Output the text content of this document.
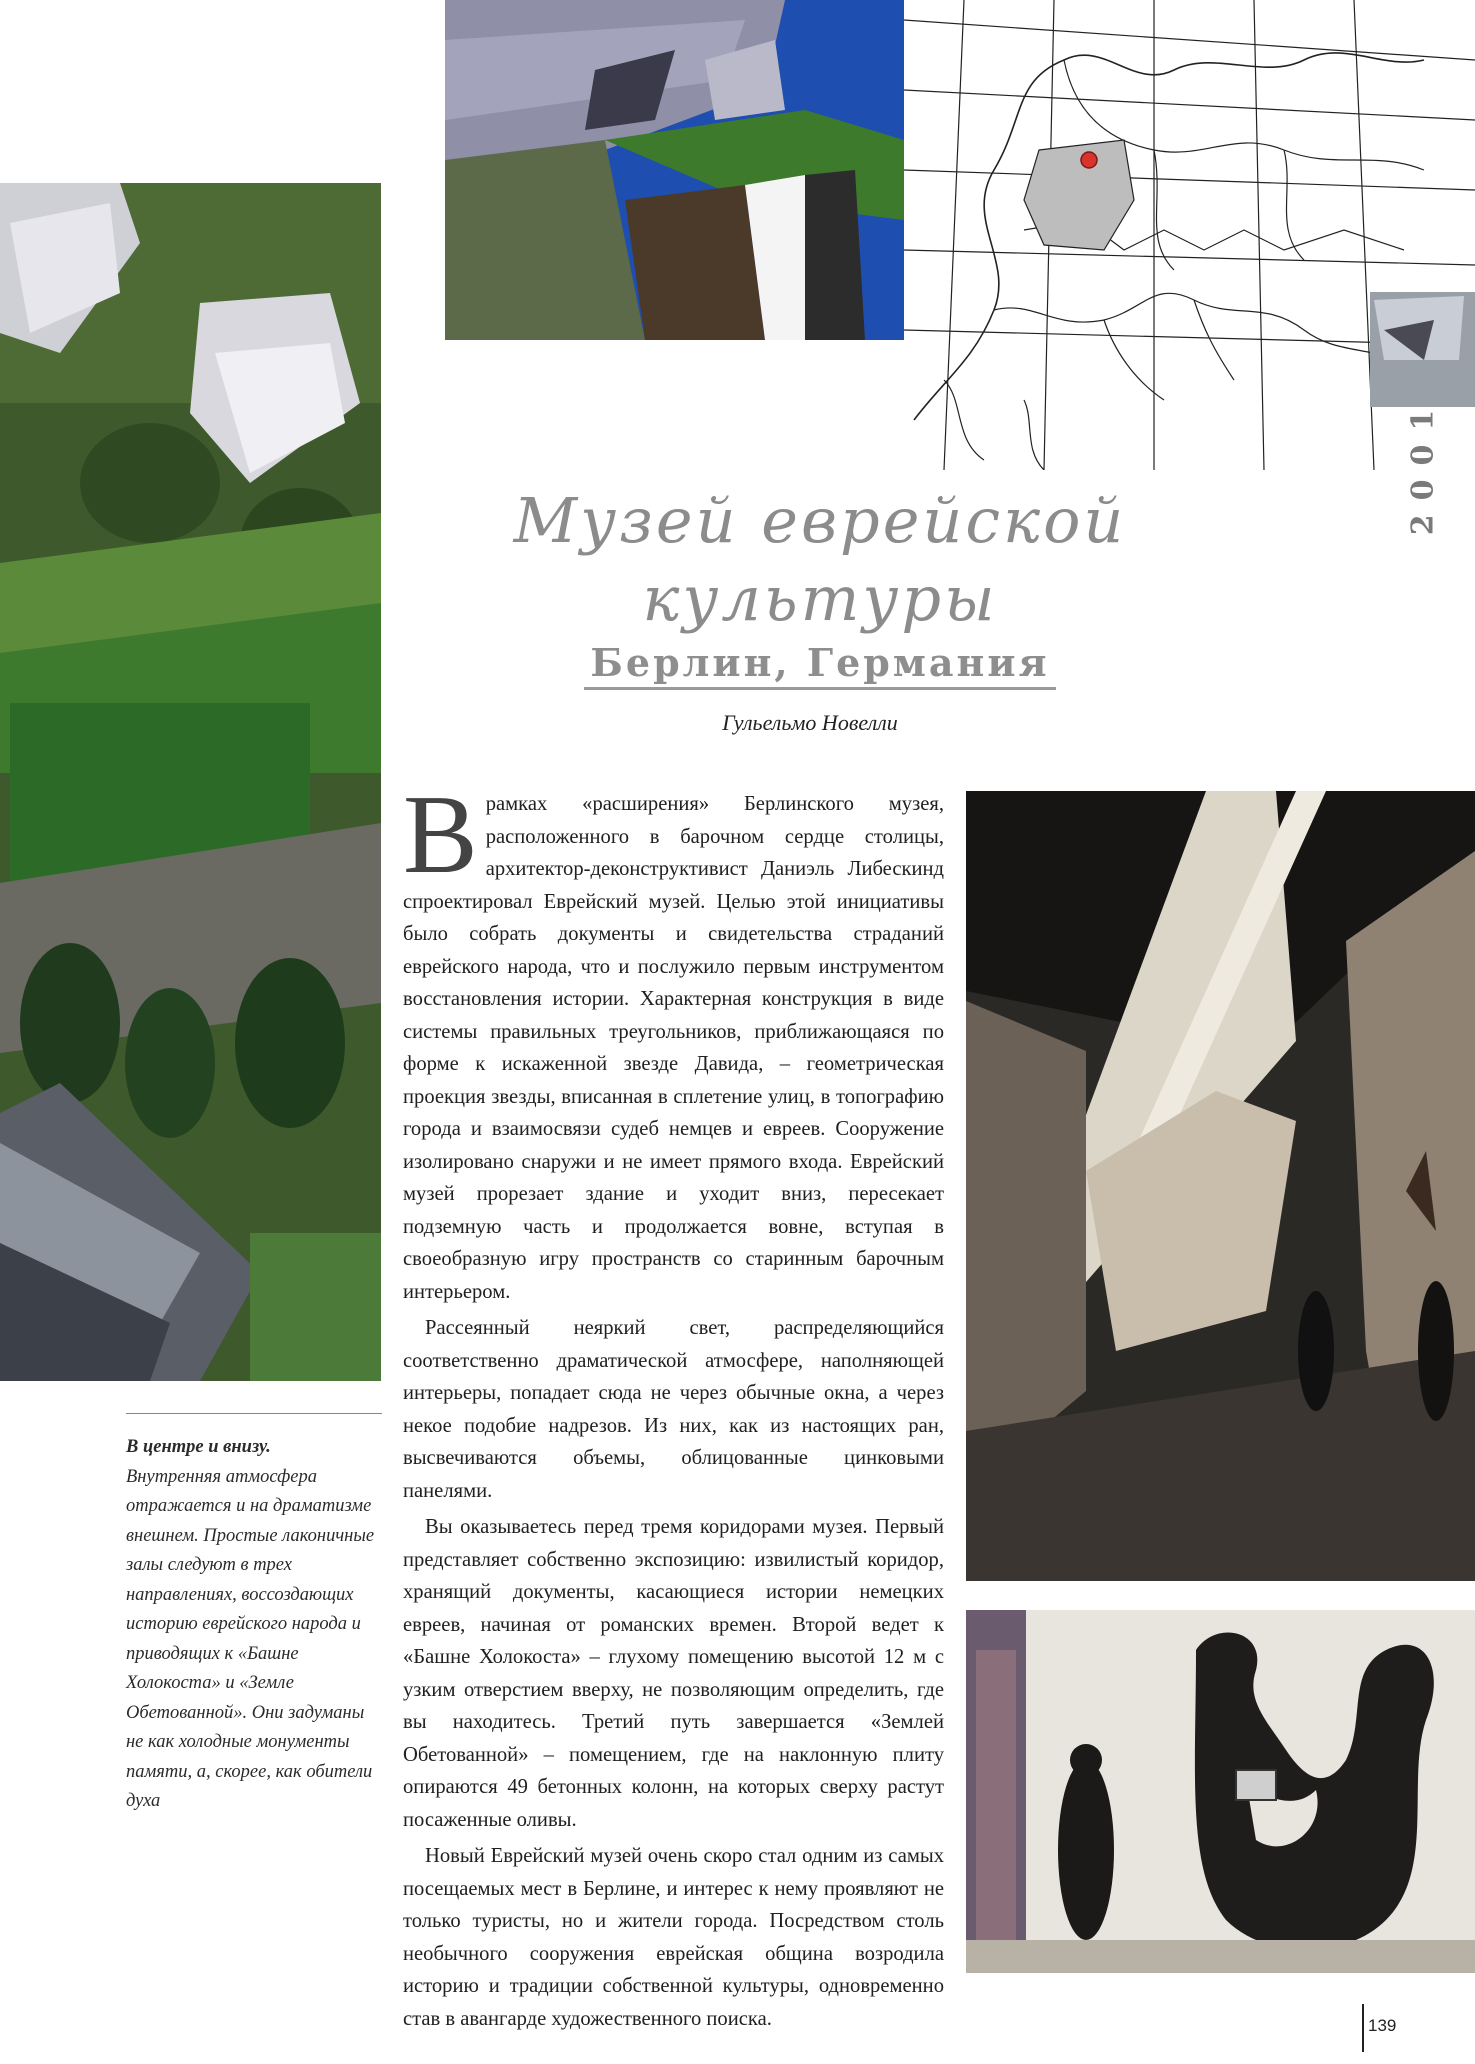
2001
Музей еврейской
культуры
Берлин, Германия
Гульельмо Новелли

Врамках «расширения» Берлинского музея, расположенного в барочном сердце столицы, архитектор-деконструктивист Даниэль Либескинд спроектировал Еврейский музей. Целью этой инициативы было собрать документы и свидетельства страданий еврейского народа, что и послужило первым инструментом восстановления истории. Характерная конструкция в виде системы правильных треугольников, приближающаяся по форме к искаженной звезде Давида, – геометрическая проекция звезды, вписанная в сплетение улиц, в топографию города и взаимосвязи судеб немцев и евреев. Сооружение изолировано снаружи и не имеет прямого входа. Еврейский музей прорезает здание и уходит вниз, пересекает подземную часть и продолжается вовне, вступая в своеобразную игру пространств со старинным барочным интерьером.

Рассеянный неяркий свет, распределяющийся соответственно драматической атмосфере, наполняющей интерьеры, попадает сюда не через обычные окна, а через некое подобие надрезов. Из них, как из настоящих ран, высвечиваются объемы, облицованные цинковыми панелями.

Вы оказываетесь перед тремя коридорами музея. Первый представляет собственно экспозицию: извилистый коридор, хранящий документы, касающиеся истории немецких евреев, начиная от романских времен. Второй ведет к «Башне Холокоста» – глухому помещению высотой 12 м с узким отверстием вверху, не позволяющим определить, где вы находитесь. Третий путь завершается «Землей Обетованной» – помещением, где на наклонную плиту опираются 49 бетонных колонн, на которых сверху растут посаженные оливы.

Новый Еврейский музей очень скоро стал одним из самых посещаемых мест в Берлине, и интерес к нему проявляют не только туристы, но и жители города. Посредством столь необычного сооружения еврейская община возродила историю и традиции собственной культуры, одновременно став в авангарде художественного поиска.

В центре и внизу.
Внутренняя атмосфера отражается и на драматизме внешнем. Простые лаконичные залы следуют в трех направлениях, воссоздающих историю еврейского народа и приводящих к «Башне Холокоста» и «Земле Обетованной». Они задуманы не как холодные монументы памяти, а, скорее, как обители духа
139
